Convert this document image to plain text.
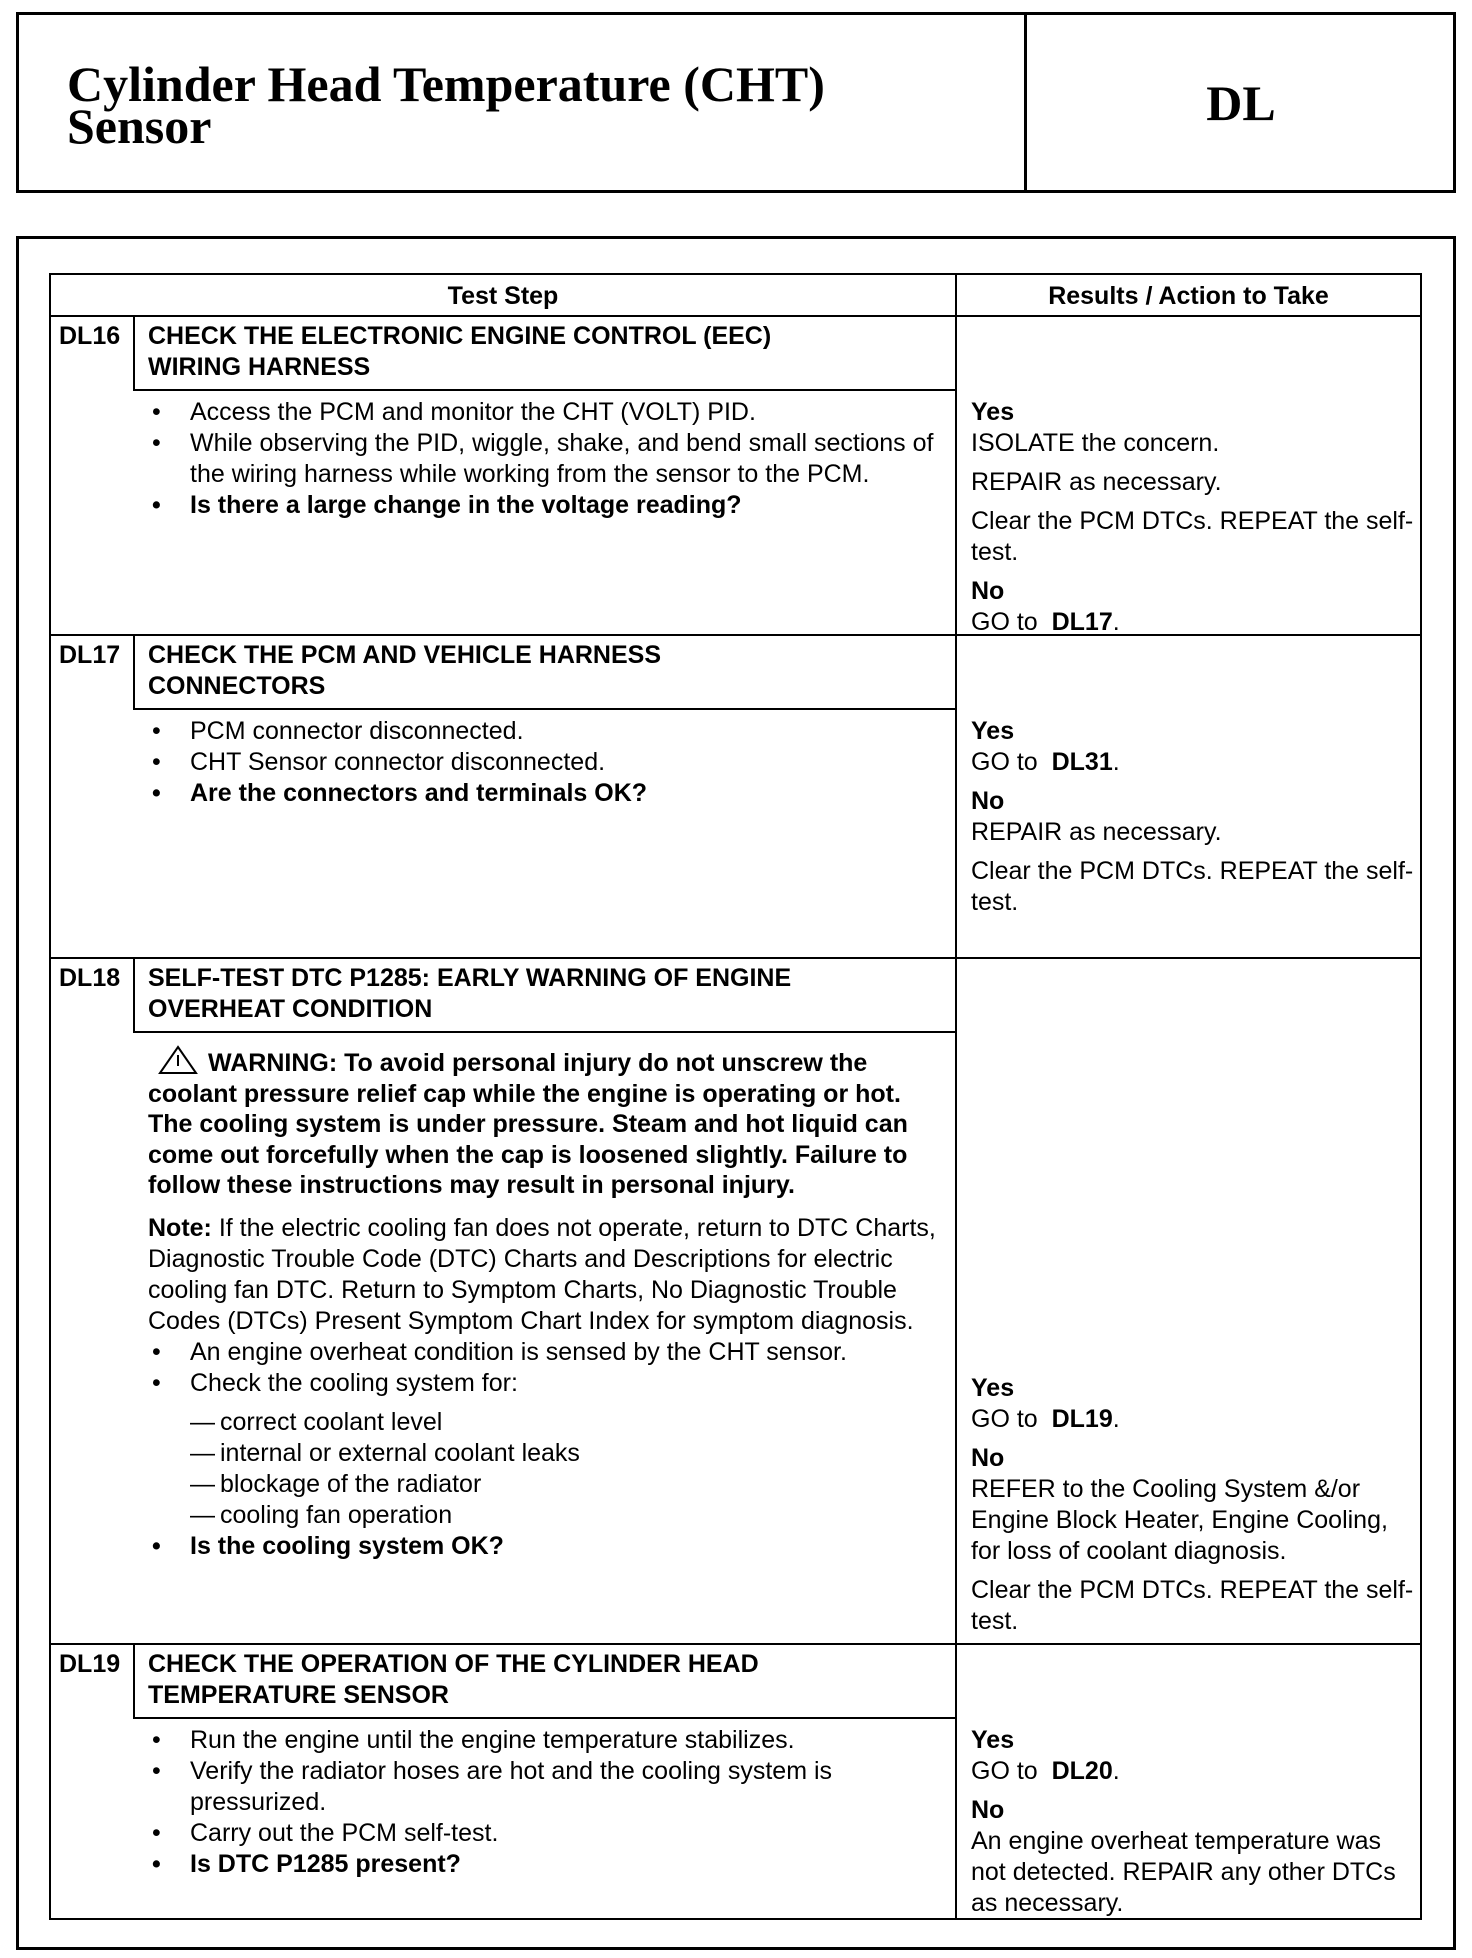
Cylinder Head Temperature (CHT)
Sensor	DL
Test Step	Results / Action to Take
DL16	CHECK THE ELECTRONIC ENGINE CONTROL (EEC)
WIRING HARNESS
• Access the PCM and monitor the CHT (VOLT) PID.
• While observing the PID, wiggle, shake, and bend small sections of the wiring harness while working from the sensor to the PCM.
• Is there a large change in the voltage reading?

Yes
ISOLATE the concern.

REPAIR as necessary.

Clear the PCM DTCs. REPEAT the self-test.

No
GO to DL17.

DL17	CHECK THE PCM AND VEHICLE HARNESS
CONNECTORS
• PCM connector disconnected.
• CHT Sensor connector disconnected.
• Are the connectors and terminals OK?

Yes
GO to DL31.

No
REPAIR as necessary.

Clear the PCM DTCs. REPEAT the self-test.

DL18	SELF-TEST DTC P1285: EARLY WARNING OF ENGINE
OVERHEAT CONDITION
WARNING: To avoid personal injury do not unscrew the coolant pressure relief cap while the engine is operating or hot. The cooling system is under pressure. Steam and hot liquid can come out forcefully when the cap is loosened slightly. Failure to follow these instructions may result in personal injury.
Note: If the electric cooling fan does not operate, return to DTC Charts, Diagnostic Trouble Code (DTC) Charts and Descriptions for electric cooling fan DTC. Return to Symptom Charts, No Diagnostic Trouble Codes (DTCs) Present Symptom Chart Index for symptom diagnosis.
• An engine overheat condition is sensed by the CHT sensor.
• Check the cooling system for:
— correct coolant level
— internal or external coolant leaks
— blockage of the radiator
— cooling fan operation
• Is the cooling system OK?

Yes
GO to DL19.

No
REFER to the Cooling System &/or Engine Block Heater, Engine Cooling, for loss of coolant diagnosis.

Clear the PCM DTCs. REPEAT the self-test.

DL19	CHECK THE OPERATION OF THE CYLINDER HEAD
TEMPERATURE SENSOR
• Run the engine until the engine temperature stabilizes.
• Verify the radiator hoses are hot and the cooling system is pressurized.
• Carry out the PCM self-test.
• Is DTC P1285 present?

Yes
GO to DL20.

No
An engine overheat temperature was not detected. REPAIR any other DTCs as necessary.
